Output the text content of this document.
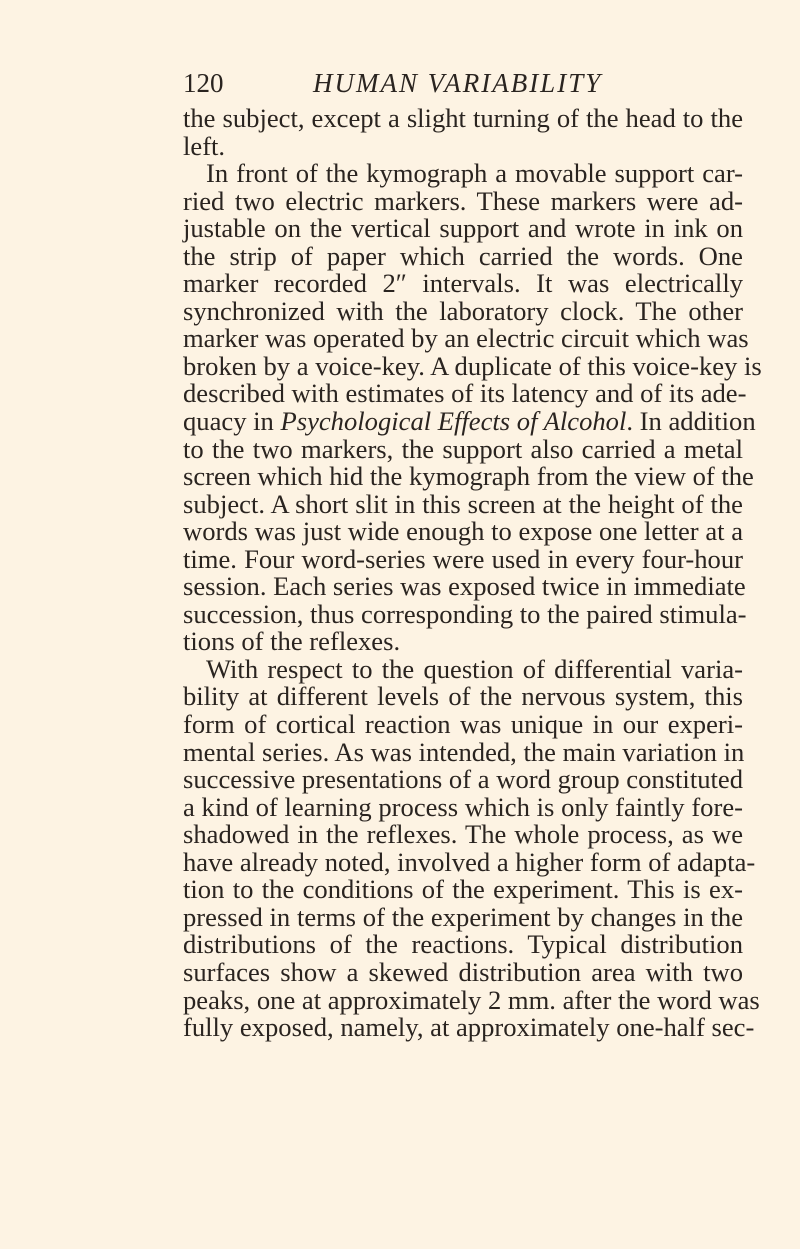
120	HUMAN VARIABILITY
the subject, except a slight turning of the head to the
left.
In front of the kymograph a movable support car-
ried two electric markers. These markers were ad-
justable on the vertical support and wrote in ink on
the strip of paper which carried the words. One
marker recorded 2″ intervals. It was electrically
synchronized with the laboratory clock. The other
marker was operated by an electric circuit which was
broken by a voice-key. A duplicate of this voice-key is
described with estimates of its latency and of its ade-
quacy in Psychological Effects of Alcohol. In addition
to the two markers, the support also carried a metal
screen which hid the kymograph from the view of the
subject. A short slit in this screen at the height of the
words was just wide enough to expose one letter at a
time. Four word-series were used in every four-hour
session. Each series was exposed twice in immediate
succession, thus corresponding to the paired stimula-
tions of the reflexes.
With respect to the question of differential varia-
bility at different levels of the nervous system, this
form of cortical reaction was unique in our experi-
mental series. As was intended, the main variation in
successive presentations of a word group constituted
a kind of learning process which is only faintly fore-
shadowed in the reflexes. The whole process, as we
have already noted, involved a higher form of adapta-
tion to the conditions of the experiment. This is ex-
pressed in terms of the experiment by changes in the
distributions of the reactions. Typical distribution
surfaces show a skewed distribution area with two
peaks, one at approximately 2 mm. after the word was
fully exposed, namely, at approximately one-half sec-
